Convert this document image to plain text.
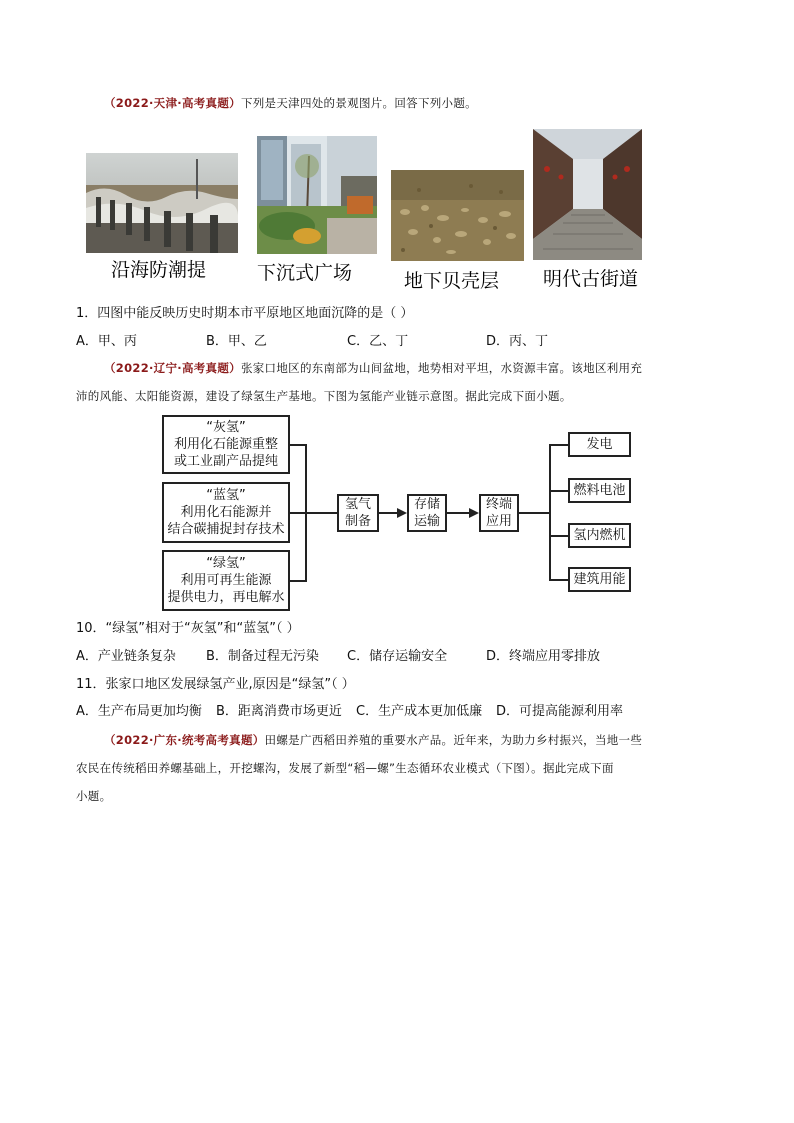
（2022·天津·高考真题）下列是天津四处的景观图片。回答下列小题。
沿海防潮提	下沉式广场	地下贝壳层 明代古街道
1．四图中能反映历史时期本市平原地区地面沉降的是（ ）
A．甲、丙	B．甲、乙	C．乙、丁	D．丙、丁
（2022·辽宁·高考真题）张家口地区的东南部为山间盆地，地势相对平坦，水资源丰富。该地区利用充
沛的风能、太阳能资源，建设了绿氢生产基地。下图为氢能产业链示意图。据此完成下面小题。
“灰氢”
利用化石能源重整
或工业副产品提纯
“蓝氢”
利用化石能源并
结合碳捕捉封存技术
“绿氢”
利用可再生能源
提供电力，再电解水
氢气
制备
存储
运输
终端
应用
发电
燃料电池
氢内燃机
建筑用能
10．“绿氢”相对于“灰氢”和“蓝氢”（ ）
A．产业链条复杂 B．制备过程无污染 C．储存运输安全	D．终端应用零排放
11．张家口地区发展绿氢产业,原因是“绿氢”（ ）
A．生产布局更加均衡 B．距离消费市场更近 C．生产成本更加低廉 D．可提高能源利用率
（2022·广东·统考高考真题）田螺是广西稻田养殖的重要水产品。近年来，为助力乡村振兴，当地一些
农民在传统稻田养螺基础上，开挖螺沟，发展了新型“稻—螺”生态循环农业模式（下图）。据此完成下面
小题。
